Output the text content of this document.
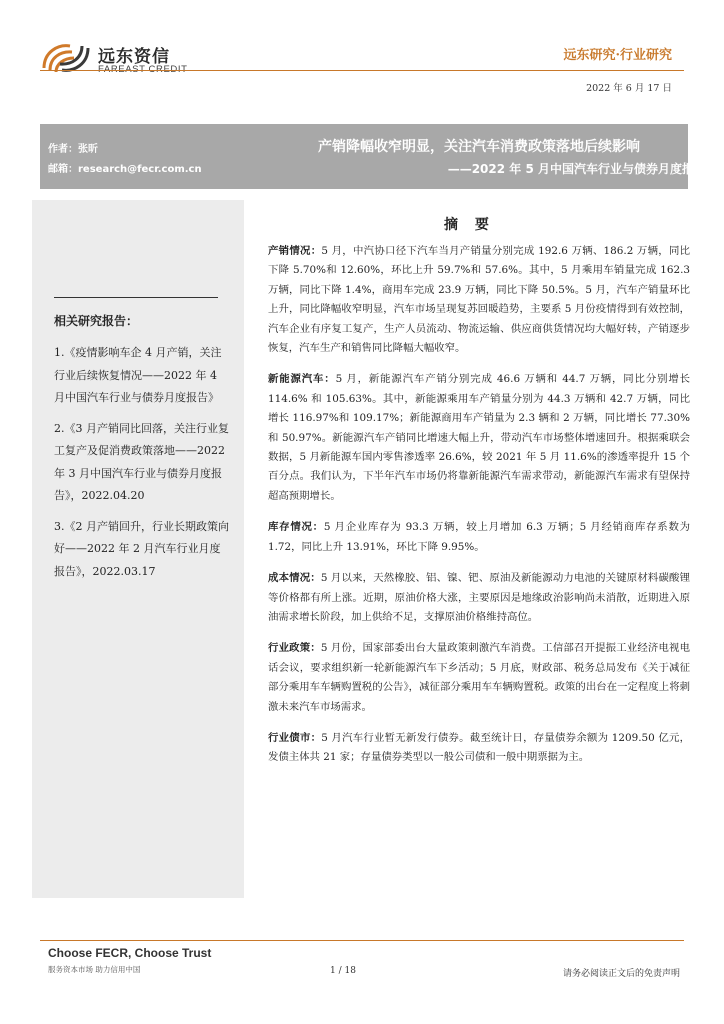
远东资信	远东研究·行业研究
2022 年 6 月 17 日
作者：张昕
邮箱：research@fecr.com.cn
产销降幅收窄明显，关注汽车消费政策落地后续影响
——2022 年 5 月中国汽车行业与债券月度报告
相关研究报告：
1.《疫情影响车企 4 月产销，关注行业后续恢复情况——2022 年 4 月中国汽车行业与债券月度报告》
2.《3 月产销同比回落，关注行业复工复产及促消费政策落地——2022 年 3 月中国汽车行业与债券月度报告》，2022.04.20
3.《2 月产销回升，行业长期政策向好——2022 年 2 月汽车行业月度报告》，2022.03.17
摘 要

产销情况：5 月，中汽协口径下汽车当月产销量分别完成 192.6 万辆、186.2 万辆，同比下降 5.70%和 12.60%，环比上升 59.7%和 57.6%。其中，5 月乘用车销量完成 162.3 万辆，同比下降 1.4%，商用车完成 23.9 万辆，同比下降 50.5%。5 月，汽车产销量环比上升，同比降幅收窄明显，汽车市场呈现复苏回暖趋势，主要系 5 月份疫情得到有效控制，汽车企业有序复工复产，生产人员流动、物流运输、供应商供货情况均大幅好转，产销逐步恢复，汽车生产和销售同比降幅大幅收窄。

新能源汽车：5 月，新能源汽车产销分别完成 46.6 万辆和 44.7 万辆，同比分别增长 114.6% 和 105.63%。其中，新能源乘用车产销量分别为 44.3 万辆和 42.7 万辆，同比增长 116.97%和 109.17%；新能源商用车产销量为 2.3 辆和 2 万辆，同比增长 77.30%和 50.97%。新能源汽车产销同比增速大幅上升，带动汽车市场整体增速回升。根据乘联会数据，5 月新能源车国内零售渗透率 26.6%，较 2021 年 5 月 11.6%的渗透率提升 15 个百分点。我们认为，下半年汽车市场仍将靠新能源汽车需求带动，新能源汽车需求有望保持超高预期增长。

库存情况：5 月企业库存为 93.3 万辆，较上月增加 6.3 万辆；5 月经销商库存系数为 1.72，同比上升 13.91%，环比下降 9.95%。

成本情况：5 月以来，天然橡胶、铝、镍、钯、原油及新能源动力电池的关键原材料碳酸锂等价格都有所上涨。近期，原油价格大涨，主要原因是地缘政治影响尚未消散，近期进入原油需求增长阶段，加上供给不足，支撑原油价格维持高位。

行业政策：5 月份，国家部委出台大量政策刺激汽车消费。工信部召开提振工业经济电视电话会议，要求组织新一轮新能源汽车下乡活动；5 月底，财政部、税务总局发布《关于减征部分乘用车车辆购置税的公告》，减征部分乘用车车辆购置税。政策的出台在一定程度上将刺激未来汽车市场需求。

行业债市：5 月汽车行业暂无新发行债券。截至统计日，存量债券余额为 1209.50 亿元，发债主体共 21 家；存量债券类型以一般公司债和一般中期票据为主。

Choose FECR, Choose Trust
服务资本市场 助力信用中国	1 / 18	请务必阅读正文后的免责声明
